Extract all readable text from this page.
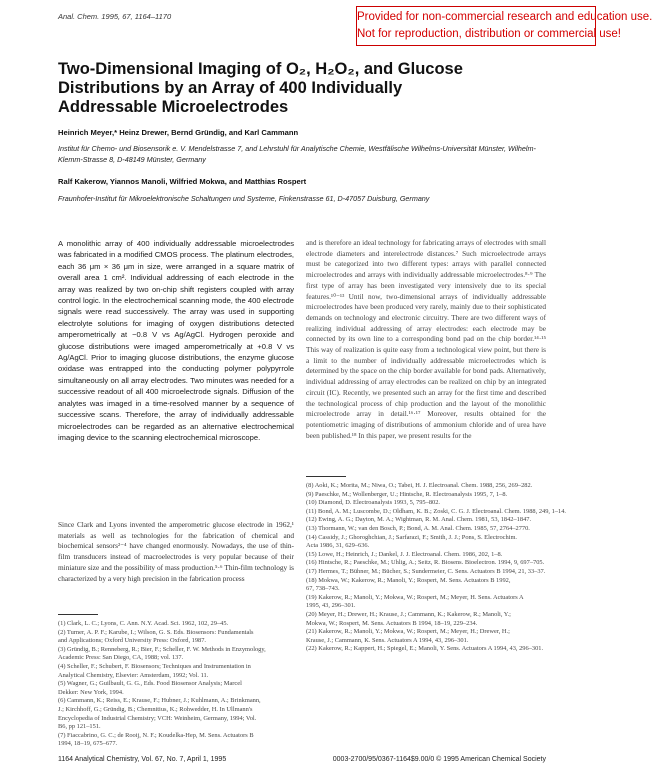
Provided for non-commercial research and education use.
Not for reproduction, distribution or commercial use!
Anal. Chem. 1995, 67, 1164–1170
Two-Dimensional Imaging of O₂, H₂O₂, and Glucose
Distributions by an Array of 400 Individually
Addressable Microelectrodes
Heinrich Meyer,* Heinz Drewer, Bernd Gründig, and Karl Cammann
Institut für Chemo- und Biosensorik e. V. Mendelstrasse 7, and Lehrstuhl für Analytische Chemie, Westfälische Wilhelms-Universität Münster, Wilhelm-Klemm-Strasse 8, D-48149 Münster, Germany
Ralf Kakerow, Yiannos Manoli, Wilfried Mokwa, and Matthias Rospert
Fraunhofer-Institut für Mikroelektronische Schaltungen und Systeme, Finkenstrasse 61, D-47057 Duisburg, Germany
A monolithic array of 400 individually addressable microelectrodes was fabricated in a modified CMOS process. The platinum electrodes, each 36 μm × 36 μm in size, were arranged in a square matrix of overall area 1 cm². Individual addressing of each electrode in the array was realized by two on-chip shift registers coupled with array control logic. In the electrochemical scanning mode, the 400 electrode signals were read successively. The array was used in supporting electrolyte solutions for imaging of oxygen distributions detected amperometrically at −0.8 V vs Ag/AgCl. Hydrogen peroxide and glucose distributions were imaged amperometrically at +0.8 V vs Ag/AgCl. Prior to imaging glucose distributions, the enzyme glucose oxidase was entrapped into the conducting polymer polypyrrole simultaneously on all array electrodes. Two minutes was needed for a successive readout of all 400 microelectrode signals. Diffusion of the analytes was imaged in a time-resolved manner by a sequence of successive scans. Therefore, the array of individually addressable microelectrodes can be regarded as an alternative electrochemical imaging device to the scanning electrochemical microscope.
Since Clark and Lyons invented the amperometric glucose electrode in 1962,¹ materials as well as technologies for the fabrication of chemical and biochemical sensors²⁻⁴ have changed enormously. Nowadays, the use of thin-film transducers instead of macroelectrodes is very popular because of their miniature size and the possibility of mass production.⁵·⁶ Thin-film technology is characterized by a very high precision in the fabrication process
(1) Clark, L. C.; Lyons, C. Ann. N.Y. Acad. Sci. 1962, 102, 29–45.
(2) Turner, A. P. F.; Karube, I.; Wilson, G. S. Eds. Biosensors: Fundamentals
and Applications; Oxford University Press: Oxford, 1987.
(3) Gründig, B.; Renneberg, R.; Bier, F.; Scheller, F. W. Methods in Enzymology,
Academic Press: San Diego, CA, 1988; vol. 137.
(4) Scheller, F.; Schubert, F. Biosensors; Techniques and Instrumentation in
Analytical Chemistry, Elsevier: Amsterdam, 1992; Vol. 11.
(5) Wagner, G.; Guilbault, G. G., Eds. Food Biosensor Analysis; Marcel
Dekker: New York, 1994.
(6) Cammann, K.; Reiss, E.; Krause, F.; Hubner, J.; Kuhlmann, A.; Brinkmann,
J.; Kirchhoff, G.; Gründig, B.; Chemnitius, K.; Rohwedder, H. In Ullmann's
Encyclopedia of Industrial Chemistry; VCH: Weinheim, Germany, 1994; Vol.
B6, pp 121–151.
(7) Fiaccabrino, G. C.; de Rooij, N. F.; Koudelka-Hep, M. Sens. Actuators B
1994, 18–19, 675–677.
and is therefore an ideal technology for fabricating arrays of electrodes with small electrode diameters and interelectrode distances.⁷ Such microelectrode arrays must be categorized into two different types: arrays with parallel connected microelectrodes and arrays with individually addressable microelectrodes.⁸·⁹ The first type of array has been investigated very intensively due to its special features.¹⁰⁻¹³ Until now, two-dimensional arrays of individually addressable microelectrodes have been produced very rarely, mainly due to their sophisticated demands on technology and electronic circuitry. There are two different ways of realizing individual addressing of array electrodes: each electrode may be connected by its own line to a corresponding bond pad on the chip border.¹⁴·¹⁵ This way of realization is quite easy from a technological view point, but there is a limit to the number of individually addressable microelectrodes which is determined by the space on the chip border available for bond pads. Alternatively, individual addressing of array electrodes can be realized on chip by an integrated circuit (IC). Recently, we presented such an array for the first time and described the technological process of chip production and the layout of the monolithic microelectrode array in detail.¹⁶·¹⁷ Moreover, results obtained for the potentiometric imaging of distributions of ammonium chloride and of urea have been published.¹⁸ In this paper, we present results for the
(8) Aoki, K.; Morita, M.; Niwa, O.; Tabei, H. J. Electroanal. Chem. 1988, 256, 269–282.
(9) Paeschke, M.; Wollenberger, U.; Hintsche, R. Electroanalysis 1995, 7, 1–8.
(10) Diamond, D. Electroanalysis 1993, 5, 795–802.
(11) Bond, A. M.; Luscombe, D.; Oldham, K. B.; Zoski, C. G. J. Electroanal. Chem. 1988, 249, 1–14.
(12) Ewing, A. G.; Dayton, M. A.; Wightman, R. M. Anal. Chem. 1981, 53, 1842–1847.
(13) Thormann, W.; van den Bosch, P.; Bond, A. M. Anal. Chem. 1985, 57, 2764–2770.
(14) Cassidy, J.; Ghoroghchian, J.; Sarfarazi, F.; Smith, J. J.; Pons, S. Electrochim.
Acta 1986, 31, 629–636.
(15) Lowe, H.; Heinrich, J.; Dankel, J. J. Electroanal. Chem. 1986, 202, 1–8.
(16) Hintsche, R.; Paeschke, M.; Uhlig, A.; Seitz, R. Biosens. Bioelectron. 1994, 9, 697–705.
(17) Hermes, T.; Bühner, M.; Bücher, S.; Sundermeier, C. Sens. Actuators B 1994, 21, 33–37.
(18) Mokwa, W.; Kakerow, R.; Manoli, Y.; Rospert, M. Sens. Actuators B 1992,
67, 738–743.
(19) Kakerow, R.; Manoli, Y.; Mokwa, W.; Rospert, M.; Meyer, H. Sens. Actuators A
1995, 43, 296–301.
(20) Meyer, H.; Drewer, H.; Krause, J.; Cammann, K.; Kakerow, R.; Manoli, Y.;
Mokwa, W.; Rospert, M. Sens. Actuators B 1994, 18–19, 229–234.
(21) Kakerow, R.; Manoli, Y.; Mokwa, W.; Rospert, M.; Meyer, H.; Drewer, H.;
Krause, J.; Cammann, K. Sens. Actuators A 1994, 43, 296–301.
(22) Kakerow, R.; Kappert, H.; Spiegel, E.; Manoli, Y. Sens. Actuators A 1994, 43, 296–301.
1164 Analytical Chemistry, Vol. 67, No. 7, April 1, 1995	0003-2700/95/0367-1164$9.00/0 © 1995 American Chemical Society
